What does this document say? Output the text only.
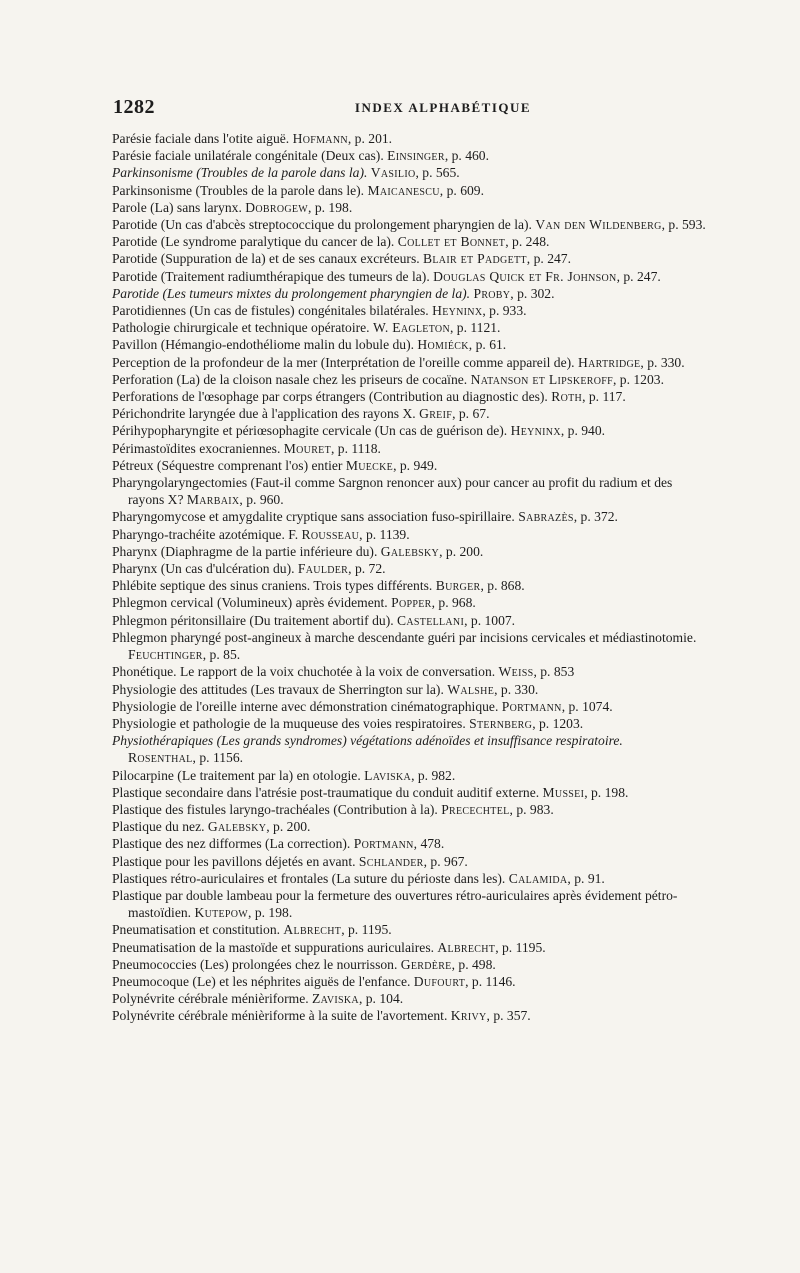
1282	INDEX ALPHABÉTIQUE
Parésie faciale dans l'otite aiguë. Hofmann, p. 201.
Parésie faciale unilatérale congénitale (Deux cas). Einsinger, p. 460.
Parkinsonisme (Troubles de la parole dans la). Vasilio, p. 565.
Parkinsonisme (Troubles de la parole dans le). Maicanescu, p. 609.
Parole (La) sans larynx. Dobrogew, p. 198.
Parotide (Un cas d'abcès streptococcique du prolongement pharyngien de la). Van den Wildenberg, p. 593.
Parotide (Le syndrome paralytique du cancer de la). Collet et Bonnet, p. 248.
Parotide (Suppuration de la) et de ses canaux excréteurs. Blair et Padgett, p. 247.
Parotide (Traitement radiumthérapique des tumeurs de la). Douglas Quick et Fr. Johnson, p. 247.
Parotide (Les tumeurs mixtes du prolongement pharyngien de la). Proby, p. 302.
Parotidiennes (Un cas de fistules) congénitales bilatérales. Heyninx, p. 933.
Pathologie chirurgicale et technique opératoire. W. Eagleton, p. 1121.
Pavillon (Hémangio-endothéliome malin du lobule du). Homiéck, p. 61.
Perception de la profondeur de la mer (Interprétation de l'oreille comme appareil de). Hartridge, p. 330.
Perforation (La) de la cloison nasale chez les priseurs de cocaïne. Natanson et Lipskeroff, p. 1203.
Perforations de l'œsophage par corps étrangers (Contribution au diagnostic des). Roth, p. 117.
Périchondrite laryngée due à l'application des rayons X. Greif, p. 67.
Périhypopharyngite et périœsophagite cervicale (Un cas de guérison de). Heyninx, p. 940.
Périmastoïdites exocraniennes. Mouret, p. 1118.
Pétreux (Séquestre comprenant l'os) entier Muecke, p. 949.
Pharyngolaryngectomies (Faut-il comme Sargnon renoncer aux) pour cancer au profit du radium et des rayons X? Marbaix, p. 960.
Pharyngomycose et amygdalite cryptique sans association fuso-spirillaire. Sabrazès, p. 372.
Pharyngo-trachéite azotémique. F. Rousseau, p. 1139.
Pharynx (Diaphragme de la partie inférieure du). Galebsky, p. 200.
Pharynx (Un cas d'ulcération du). Faulder, p. 72.
Phlébite septique des sinus craniens. Trois types différents. Burger, p. 868.
Phlegmon cervical (Volumineux) après évidement. Popper, p. 968.
Phlegmon péritonsillaire (Du traitement abortif du). Castellani, p. 1007.
Phlegmon pharyngé post-angineux à marche descendante guéri par incisions cervicales et médiastinotomie. Feuchtinger, p. 85.
Phonétique. Le rapport de la voix chuchotée à la voix de conversation. Weiss, p. 853
Physiologie des attitudes (Les travaux de Sherrington sur la). Walshe, p. 330.
Physiologie de l'oreille interne avec démonstration cinématographique. Portmann, p. 1074.
Physiologie et pathologie de la muqueuse des voies respiratoires. Sternberg, p. 1203.
Physiothérapiques (Les grands syndromes) végétations adénoïdes et insuffisance respiratoire. Rosenthal, p. 1156.
Pilocarpine (Le traitement par la) en otologie. Laviska, p. 982.
Plastique secondaire dans l'atrésie post-traumatique du conduit auditif externe. Mussei, p. 198.
Plastique des fistules laryngo-trachéales (Contribution à la). Precechtel, p. 983.
Plastique du nez. Galebsky, p. 200.
Plastique des nez difformes (La correction). Portmann, 478.
Plastique pour les pavillons déjetés en avant. Schlander, p. 967.
Plastiques rétro-auriculaires et frontales (La suture du périoste dans les). Calamida, p. 91.
Plastique par double lambeau pour la fermeture des ouvertures rétro-auriculaires après évidement pétro-mastoïdien. Kutepow, p. 198.
Pneumatisation et constitution. Albrecht, p. 1195.
Pneumatisation de la mastoïde et suppurations auriculaires. Albrecht, p. 1195.
Pneumococcies (Les) prolongées chez le nourrisson. Gerdère, p. 498.
Pneumocoque (Le) et les néphrites aiguës de l'enfance. Dufourt, p. 1146.
Polynévrite cérébrale ménièriforme. Zaviska, p. 104.
Polynévrite cérébrale ménièriforme à la suite de l'avortement. Krivy, p. 357.
